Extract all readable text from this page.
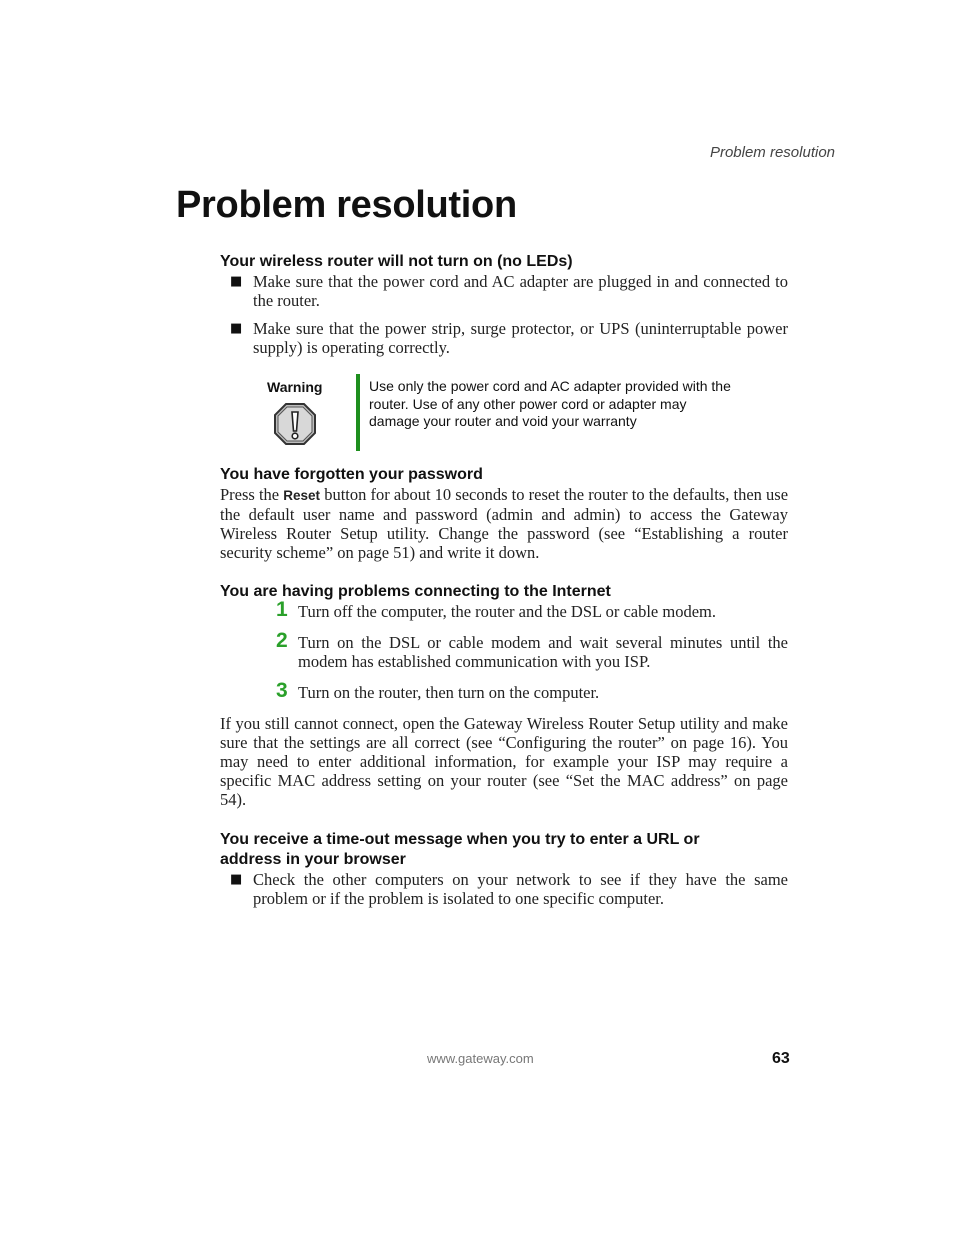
Problem resolution
Problem resolution
Your wireless router will not turn on (no LEDs)
■ Make sure that the power cord and AC adapter are plugged in and connected to the router.
■ Make sure that the power strip, surge protector, or UPS (uninterruptable power supply) is operating correctly.
Warning	Use only the power cord and AC adapter provided with the router. Use of any other power cord or adapter may damage your router and void your warranty
You have forgotten your password
Press the Reset button for about 10 seconds to reset the router to the defaults, then use the default user name and password (admin and admin) to access the Gateway Wireless Router Setup utility. Change the password (see “Establishing a router security scheme” on page 51) and write it down.
You are having problems connecting to the Internet
1 Turn off the computer, the router and the DSL or cable modem.
2 Turn on the DSL or cable modem and wait several minutes until the modem has established communication with you ISP.
3 Turn on the router, then turn on the computer.
If you still cannot connect, open the Gateway Wireless Router Setup utility and make sure that the settings are all correct (see “Configuring the router” on page 16). You may need to enter additional information, for example your ISP may require a specific MAC address setting on your router (see “Set the MAC address” on page 54).
You receive a time-out message when you try to enter a URL or address in your browser
■ Check the other computers on your network to see if they have the same problem or if the problem is isolated to one specific computer.
www.gateway.com	63
